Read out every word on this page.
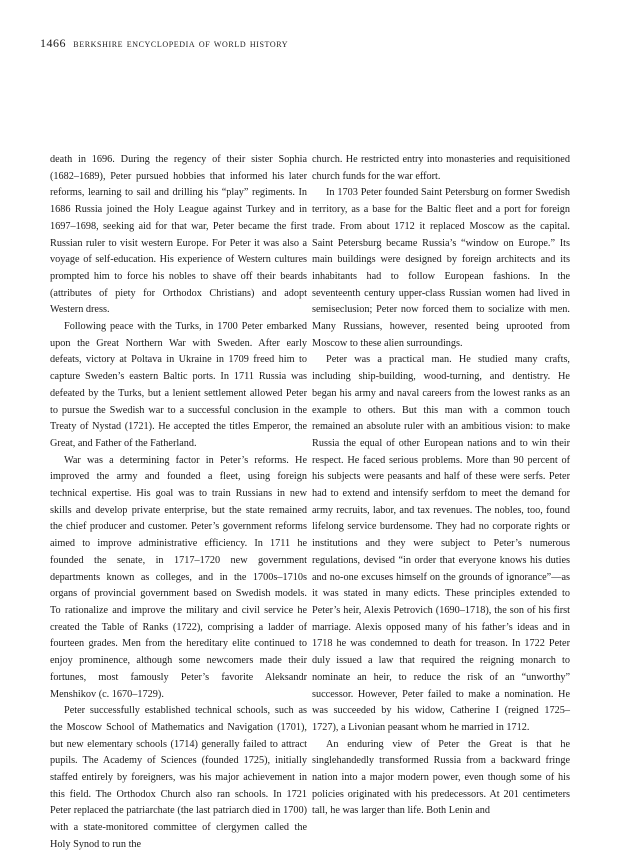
1466 berkshire encyclopedia of world history

death in 1696. During the regency of their sister Sophia (1682–1689), Peter pursued hobbies that informed his later reforms, learning to sail and drilling his “play” regiments. In 1686 Russia joined the Holy League against Turkey and in 1697–1698, seeking aid for that war, Peter became the first Russian ruler to visit western Europe. For Peter it was also a voyage of self-education. His experience of Western cultures prompted him to force his nobles to shave off their beards (attributes of piety for Orthodox Christians) and adopt Western dress.

Following peace with the Turks, in 1700 Peter embarked upon the Great Northern War with Sweden. After early defeats, victory at Poltava in Ukraine in 1709 freed him to capture Sweden’s eastern Baltic ports. In 1711 Russia was defeated by the Turks, but a lenient settlement allowed Peter to pursue the Swedish war to a successful conclusion in the Treaty of Nystad (1721). He accepted the titles Emperor, the Great, and Father of the Fatherland.

War was a determining factor in Peter’s reforms. He improved the army and founded a fleet, using foreign technical expertise. His goal was to train Russians in new skills and develop private enterprise, but the state remained the chief producer and customer. Peter’s government reforms aimed to improve administrative efficiency. In 1711 he founded the senate, in 1717–1720 new government departments known as colleges, and in the 1700s–1710s organs of provincial government based on Swedish models. To rationalize and improve the military and civil service he created the Table of Ranks (1722), comprising a ladder of fourteen grades. Men from the hereditary elite continued to enjoy prominence, although some newcomers made their fortunes, most famously Peter’s favorite Aleksandr Menshikov (c. 1670–1729).

Peter successfully established technical schools, such as the Moscow School of Mathematics and Navigation (1701), but new elementary schools (1714) generally failed to attract pupils. The Academy of Sciences (founded 1725), initially staffed entirely by foreigners, was his major achievement in this field. The Orthodox Church also ran schools. In 1721 Peter replaced the patriarchate (the last patriarch died in 1700) with a state-monitored committee of clergymen called the Holy Synod to run the

church. He restricted entry into monasteries and requisitioned church funds for the war effort.

In 1703 Peter founded Saint Petersburg on former Swedish territory, as a base for the Baltic fleet and a port for foreign trade. From about 1712 it replaced Moscow as the capital. Saint Petersburg became Russia’s “window on Europe.” Its main buildings were designed by foreign architects and its inhabitants had to follow European fashions. In the seventeenth century upper-class Russian women had lived in semiseclusion; Peter now forced them to socialize with men. Many Russians, however, resented being uprooted from Moscow to these alien surroundings.

Peter was a practical man. He studied many crafts, including ship-building, wood-turning, and dentistry. He began his army and naval careers from the lowest ranks as an example to others. But this man with a common touch remained an absolute ruler with an ambitious vision: to make Russia the equal of other European nations and to win their respect. He faced serious problems. More than 90 percent of his subjects were peasants and half of these were serfs. Peter had to extend and intensify serfdom to meet the demand for army recruits, labor, and tax revenues. The nobles, too, found lifelong service burdensome. They had no corporate rights or institutions and they were subject to Peter’s numerous regulations, devised “in order that everyone knows his duties and no-one excuses himself on the grounds of ignorance”—as it was stated in many edicts. These principles extended to Peter’s heir, Alexis Petrovich (1690–1718), the son of his first marriage. Alexis opposed many of his father’s ideas and in 1718 he was condemned to death for treason. In 1722 Peter duly issued a law that required the reigning monarch to nominate an heir, to reduce the risk of an “unworthy” successor. However, Peter failed to make a nomination. He was succeeded by his widow, Catherine I (reigned 1725–1727), a Livonian peasant whom he married in 1712.

An enduring view of Peter the Great is that he singlehandedly transformed Russia from a backward fringe nation into a major modern power, even though some of his policies originated with his predecessors. At 201 centimeters tall, he was larger than life. Both Lenin and
